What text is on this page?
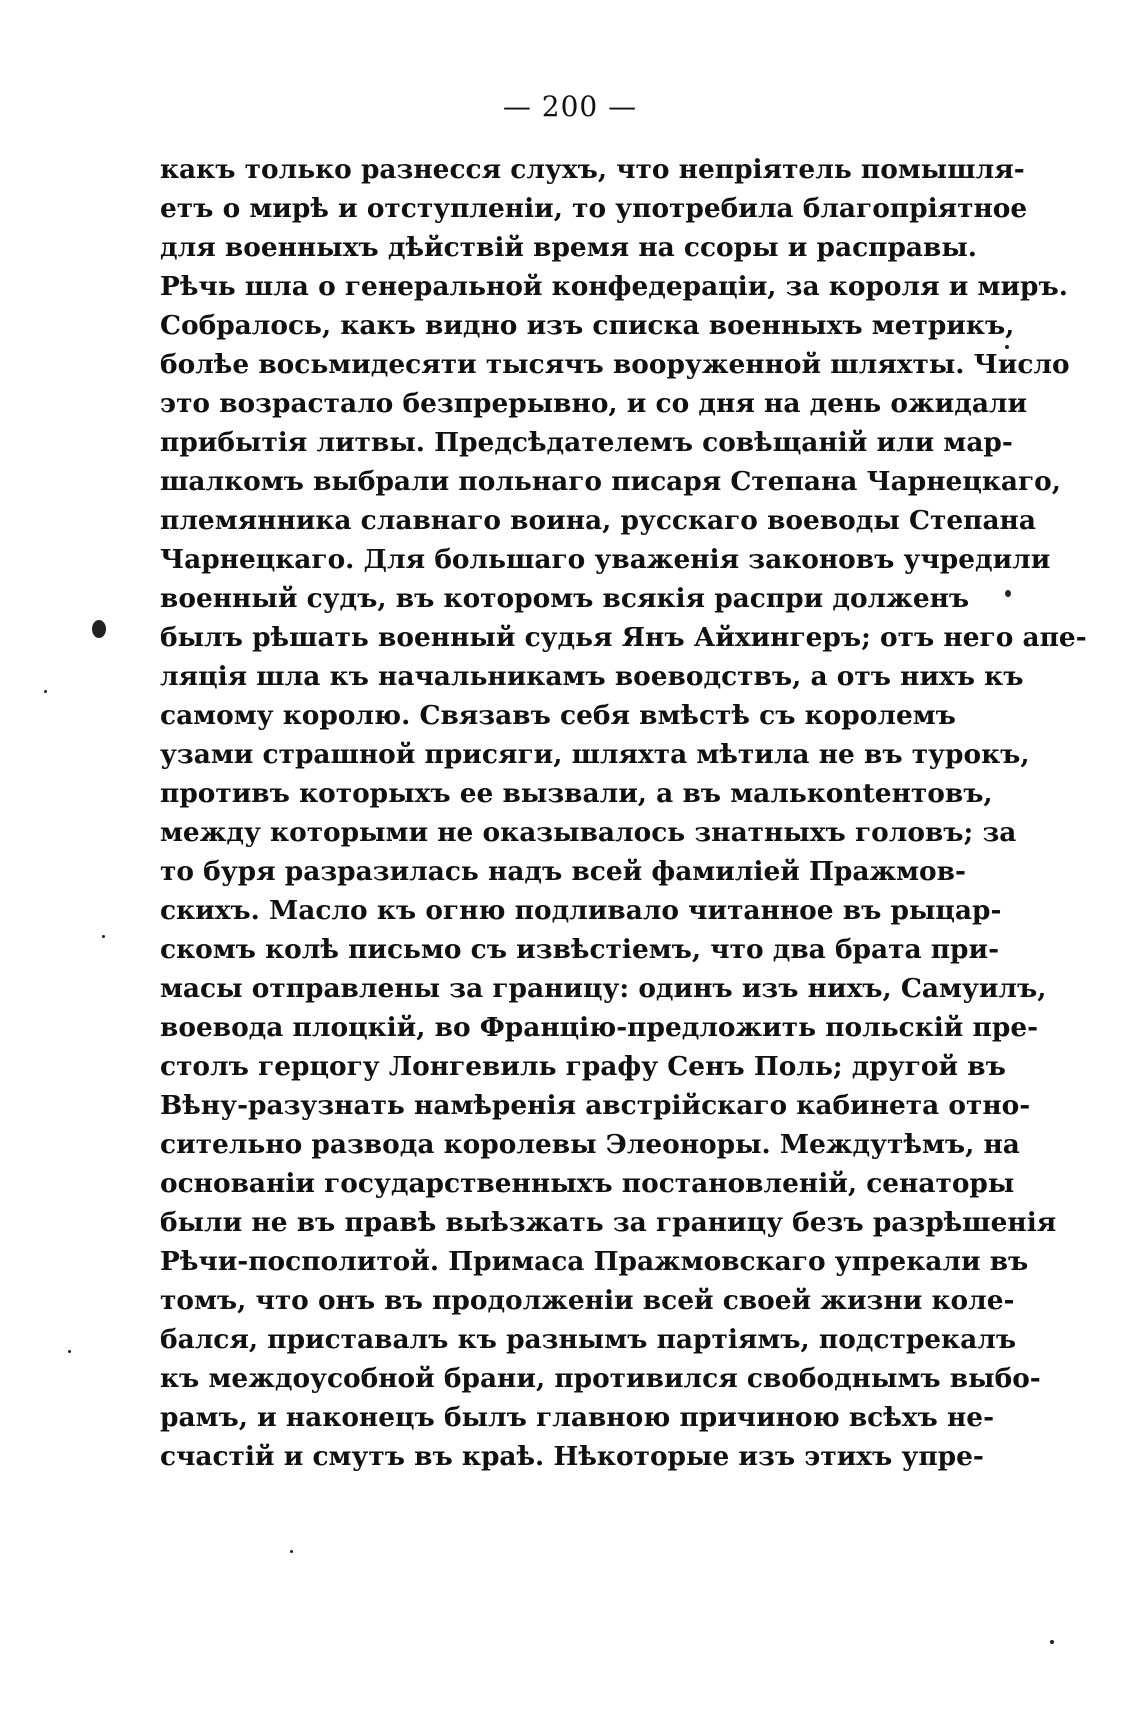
— 200 —
какъ только разнесся слухъ, что непріятель помышля-
етъ о мирѣ и отступленіи, то употребила благопріятное
для военныхъ дѣйствій время на ссоры и расправы.
Рѣчь шла о генеральной конфедераціи, за короля и миръ.
Собралось, какъ видно изъ списка военныхъ метрикъ,
болѣе восьмидесяти тысячъ вооруженной шляхты. Число
это возрастало безпрерывно, и со дня на день ожидали
прибытія литвы. Предсѣдателемъ совѣщаній или мар-
шалкомъ выбрали польнаго писаря Степана Чарнецкаго,
племянника славнаго воина, русскаго воеводы Степана
Чарнецкаго. Для большаго уваженія законовъ учредили
военный судъ, въ которомъ всякія распри долженъ
былъ рѣшать военный судья Янъ Айхингеръ; отъ него апе-
ляція шла къ начальникамъ воеводствъ, а отъ нихъ къ
самому королю. Связавъ себя вмѣстѣ съ королемъ
узами страшной присяги, шляхта мѣтила не въ турокъ,
противъ которыхъ ее вызвали, а въ малькontентовъ,
между которыми не оказывалось знатныхъ головъ; за
то буря разразилась надъ всей фамиліей Пражмов-
скихъ. Масло къ огню подливало читанное въ рыцар-
скомъ колѣ письмо съ извѣстіемъ, что два брата при-
масы отправлены за границу: одинъ изъ нихъ, Самуилъ,
воевода плоцкій, во Францію-предложить польскій пре-
столъ герцогу Лонгевиль графу Сенъ Поль; другой въ
Вѣну-разузнать намѣренія австрійскаго кабинета отно-
сительно развода королевы Элеоноры. Междутѣмъ, на
основаніи государственныхъ постановленій, сенаторы
были не въ правѣ выѣзжать за границу безъ разрѣшенія
Рѣчи-посполитой. Примаса Пражмовскаго упрекали въ
томъ, что онъ въ продолженіи всей своей жизни коле-
бался, приставалъ къ разнымъ партіямъ, подстрекалъ
къ междоусобной брани, противился свободнымъ выбо-
рамъ, и наконецъ былъ главною причиною всѣхъ не-
счастій и смутъ въ краѣ. Нѣкоторые изъ этихъ упре-
